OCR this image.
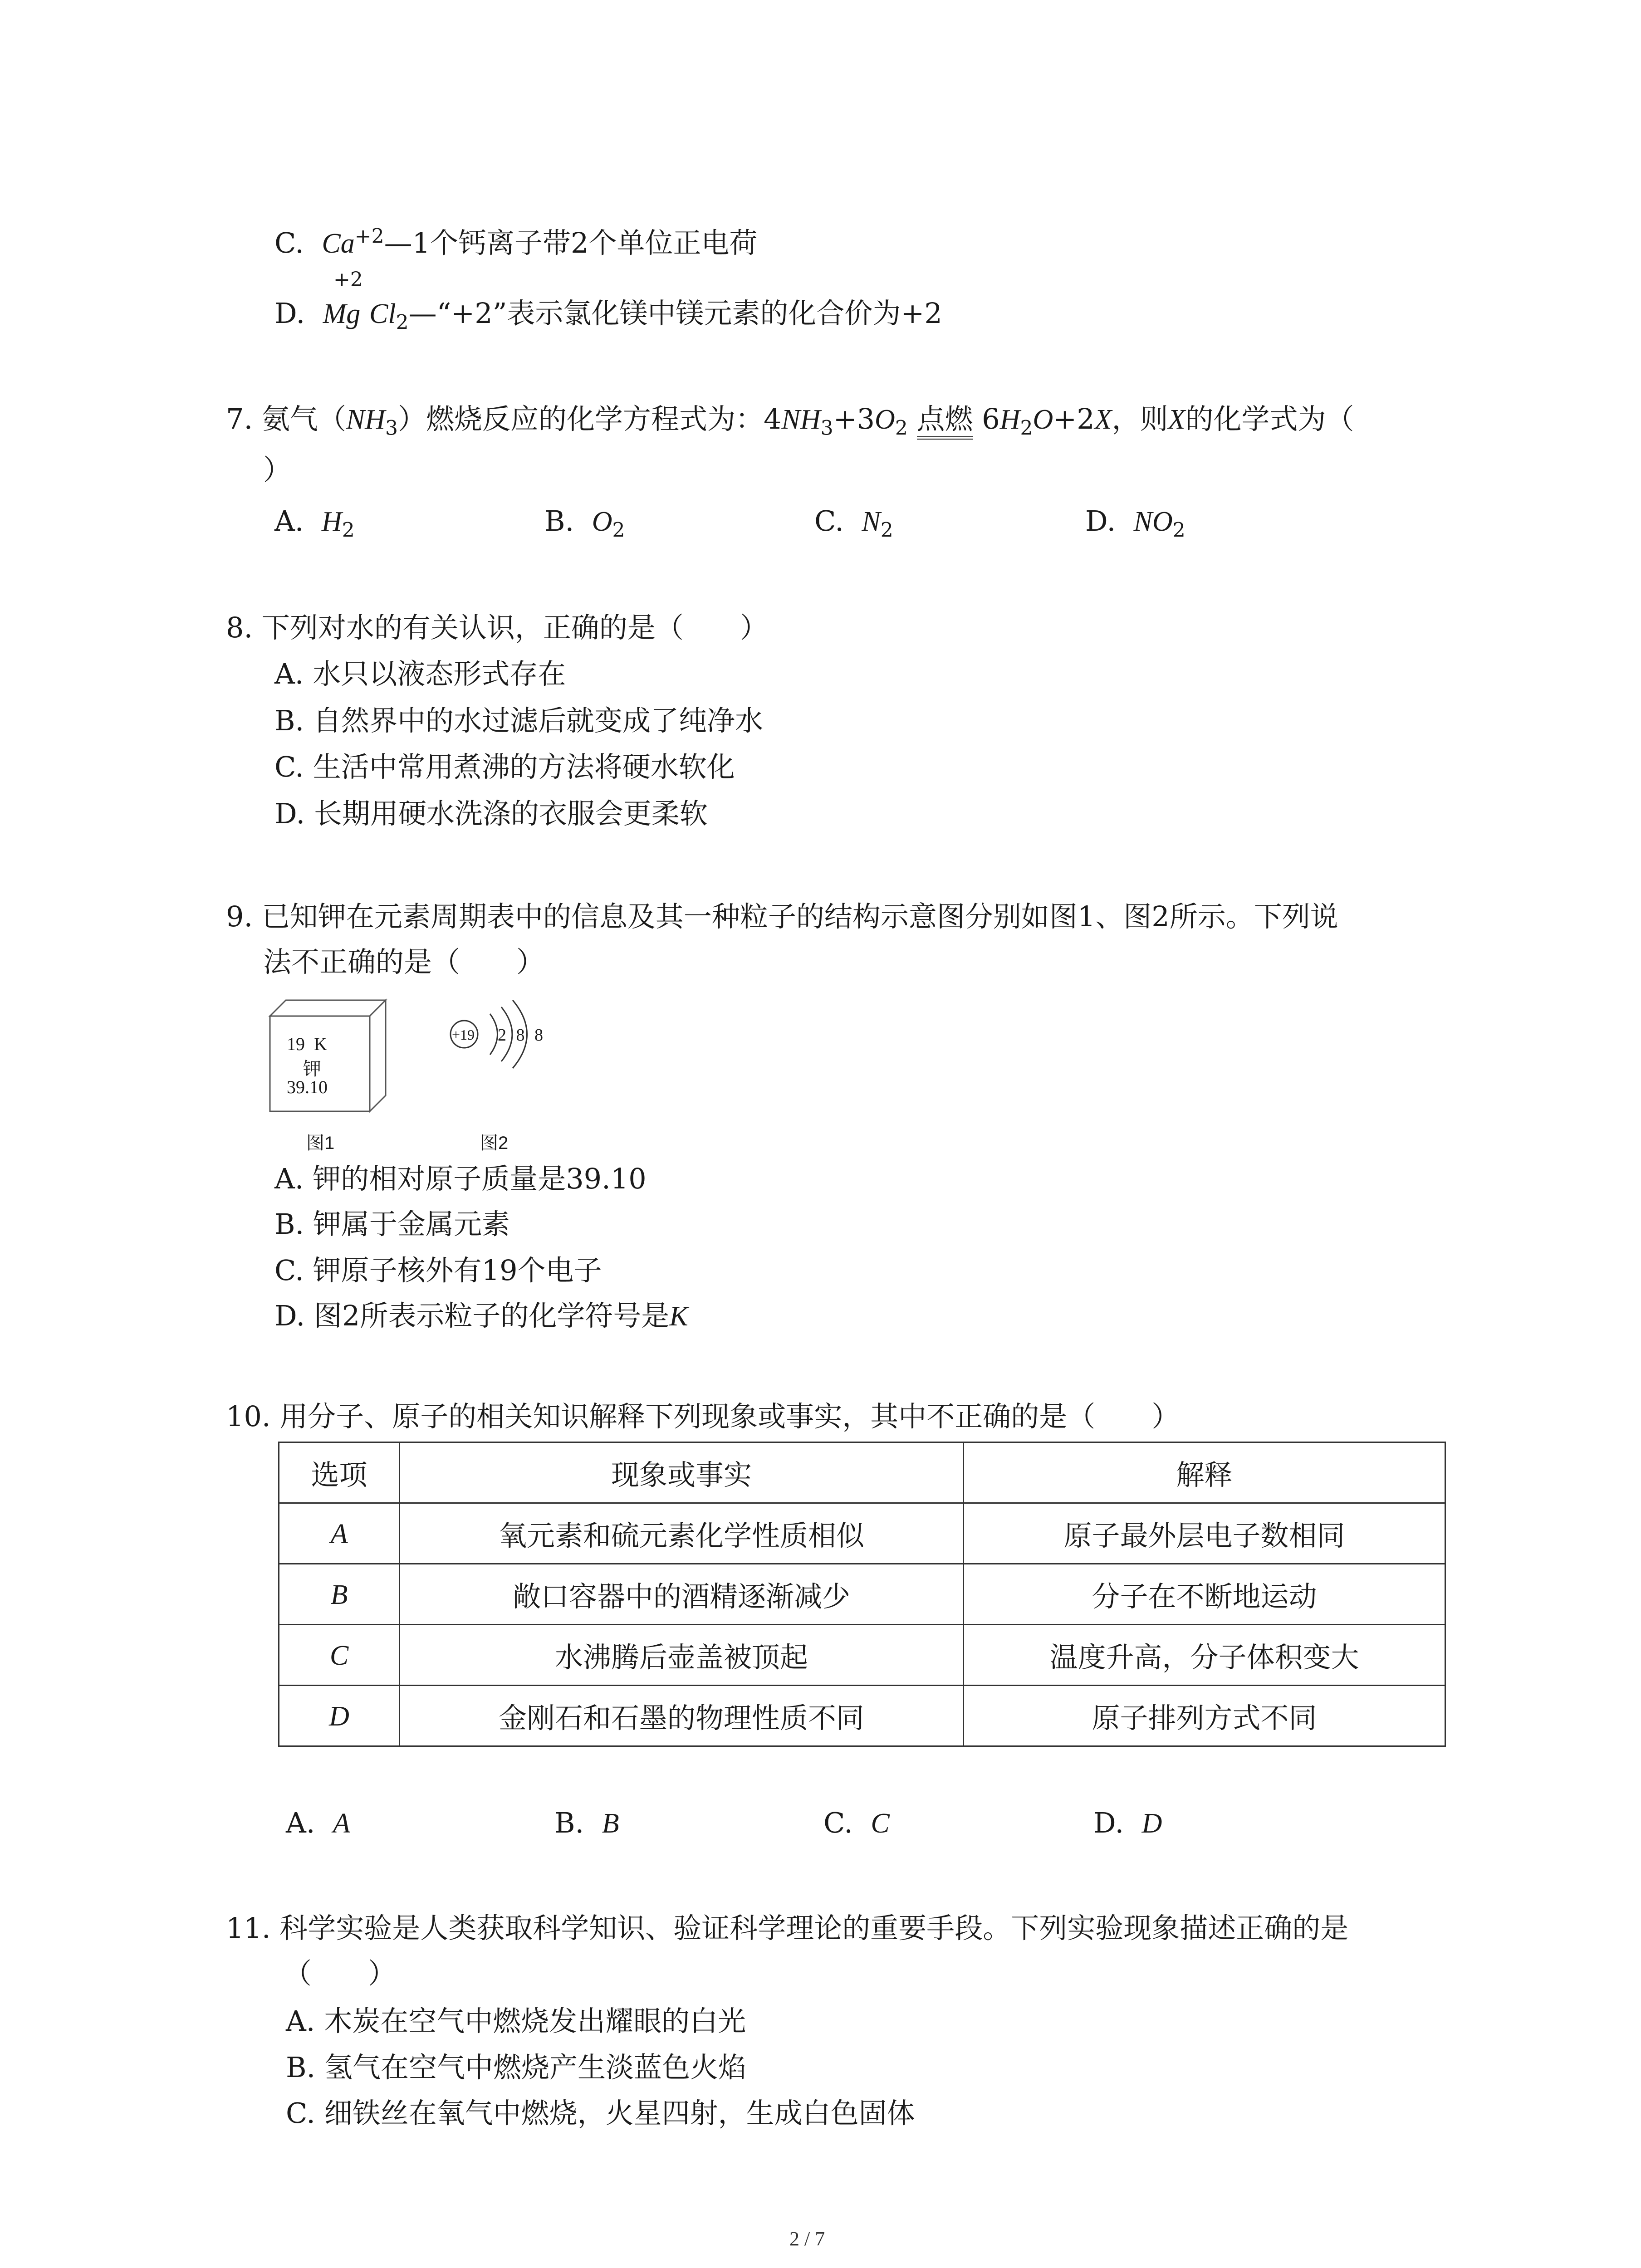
C. $Ca^{+2}—1$个钙离子带2个单位正电荷
+2
D. Mg $Cl_2—“+2$”表示氯化镁中镁元素的化合价为+2
7. 氨气$(NH_3)$燃烧反应的化学方程式为：$4NH_3+3O_2$ 点燃 $6H_2O+2X$，则X的化学式为（
）
A. $H_2$	B. $O_2$	C. $N_2$	D. $NO_2$
8. 下列对水的有关认识，正确的是（　　）
A. 水只以液态形式存在
B. 自然界中的水过滤后就变成了纯净水
C. 生活中常用煮沸的方法将硬水软化
D. 长期用硬水洗涤的衣服会更柔软
9. 已知钾在元素周期表中的信息及其一种粒子的结构示意图分别如图1、图2所示。下列说
法不正确的是（　　）
19 K
钾
39.10
+19 2 8 8
图1	图2
A. 钾的相对原子质量是39.10
B. 钾属于金属元素
C. 钾原子核外有19个电子
D. 图2所表示粒子的化学符号是K
10. 用分子、原子的相关知识解释下列现象或事实，其中不正确的是（　　）
选项	现象或事实	解释
A	氧元素和硫元素化学性质相似	原子最外层电子数相同
B	敞口容器中的酒精逐渐减少	分子在不断地运动
C	水沸腾后壶盖被顶起	温度升高，分子体积变大
D	金刚石和石墨的物理性质不同	原子排列方式不同
A. A	B. B	C. C	D. D
11. 科学实验是人类获取科学知识、验证科学理论的重要手段。下列实验现象描述正确的是
（　　）
A. 木炭在空气中燃烧发出耀眼的白光
B. 氢气在空气中燃烧产生淡蓝色火焰
C. 细铁丝在氧气中燃烧，火星四射，生成白色固体
2 / 7
